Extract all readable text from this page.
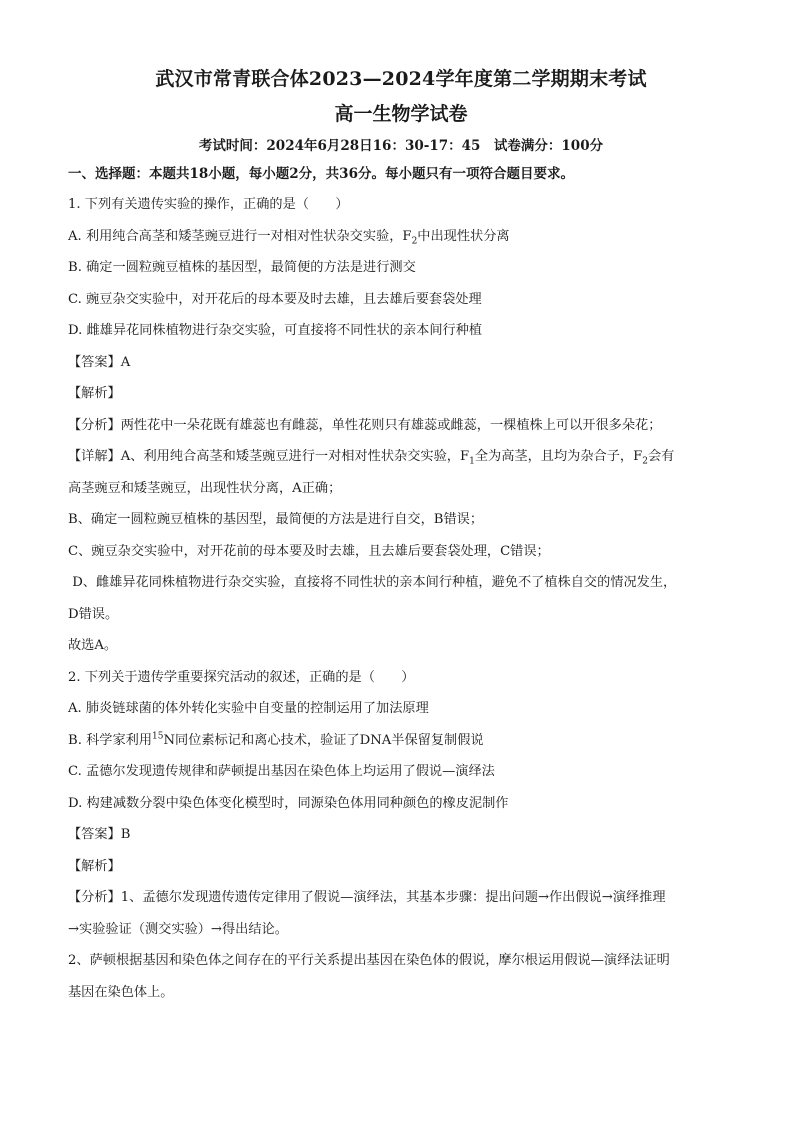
武汉市常青联合体2023—2024学年度第二学期期末考试
高一生物学试卷
考试时间：2024年6月28日16：30-17：45　试卷满分：100分
一、选择题：本题共18小题，每小题2分，共36分。每小题只有一项符合题目要求。
1. 下列有关遗传实验的操作，正确的是（　　）
A. 利用纯合高茎和矮茎豌豆进行一对相对性状杂交实验，$F_2$中出现性状分离
B. 确定一圆粒豌豆植株的基因型，最简便的方法是进行测交
C. 豌豆杂交实验中，对开花后的母本要及时去雄，且去雄后要套袋处理
D. 雌雄异花同株植物进行杂交实验，可直接将不同性状的亲本间行种植
【答案】A
【解析】
【分析】两性花中一朵花既有雄蕊也有雌蕊，单性花则只有雄蕊或雌蕊，一棵植株上可以开很多朵花；
【详解】A、利用纯合高茎和矮茎豌豆进行一对相对性状杂交实验，$F_1$全为高茎，且均为杂合子，$F_2$会有
高茎豌豆和矮茎豌豆，出现性状分离，A正确；
B、确定一圆粒豌豆植株的基因型，最简便的方法是进行自交，B错误；
C、豌豆杂交实验中，对开花前的母本要及时去雄，且去雄后要套袋处理，C错误；
D、雌雄异花同株植物进行杂交实验，直接将不同性状的亲本间行种植，避免不了植株自交的情况发生，
D错误。
故选A。
2. 下列关于遗传学重要探究活动的叙述，正确的是（　　）
A. 肺炎链球菌的体外转化实验中自变量的控制运用了加法原理
B. 科学家利用$^{15}$N同位素标记和离心技术，验证了DNA半保留复制假说
C. 孟德尔发现遗传规律和萨顿提出基因在染色体上均运用了假说—演绎法
D. 构建减数分裂中染色体变化模型时，同源染色体用同种颜色的橡皮泥制作
【答案】B
【解析】
【分析】1、孟德尔发现遗传遗传定律用了假说—演绎法，其基本步骤：提出问题→作出假说→演绎推理
→实验验证（测交实验）→得出结论。
2、萨顿根据基因和染色体之间存在的平行关系提出基因在染色体的假说，摩尔根运用假说—演绎法证明
基因在染色体上。
